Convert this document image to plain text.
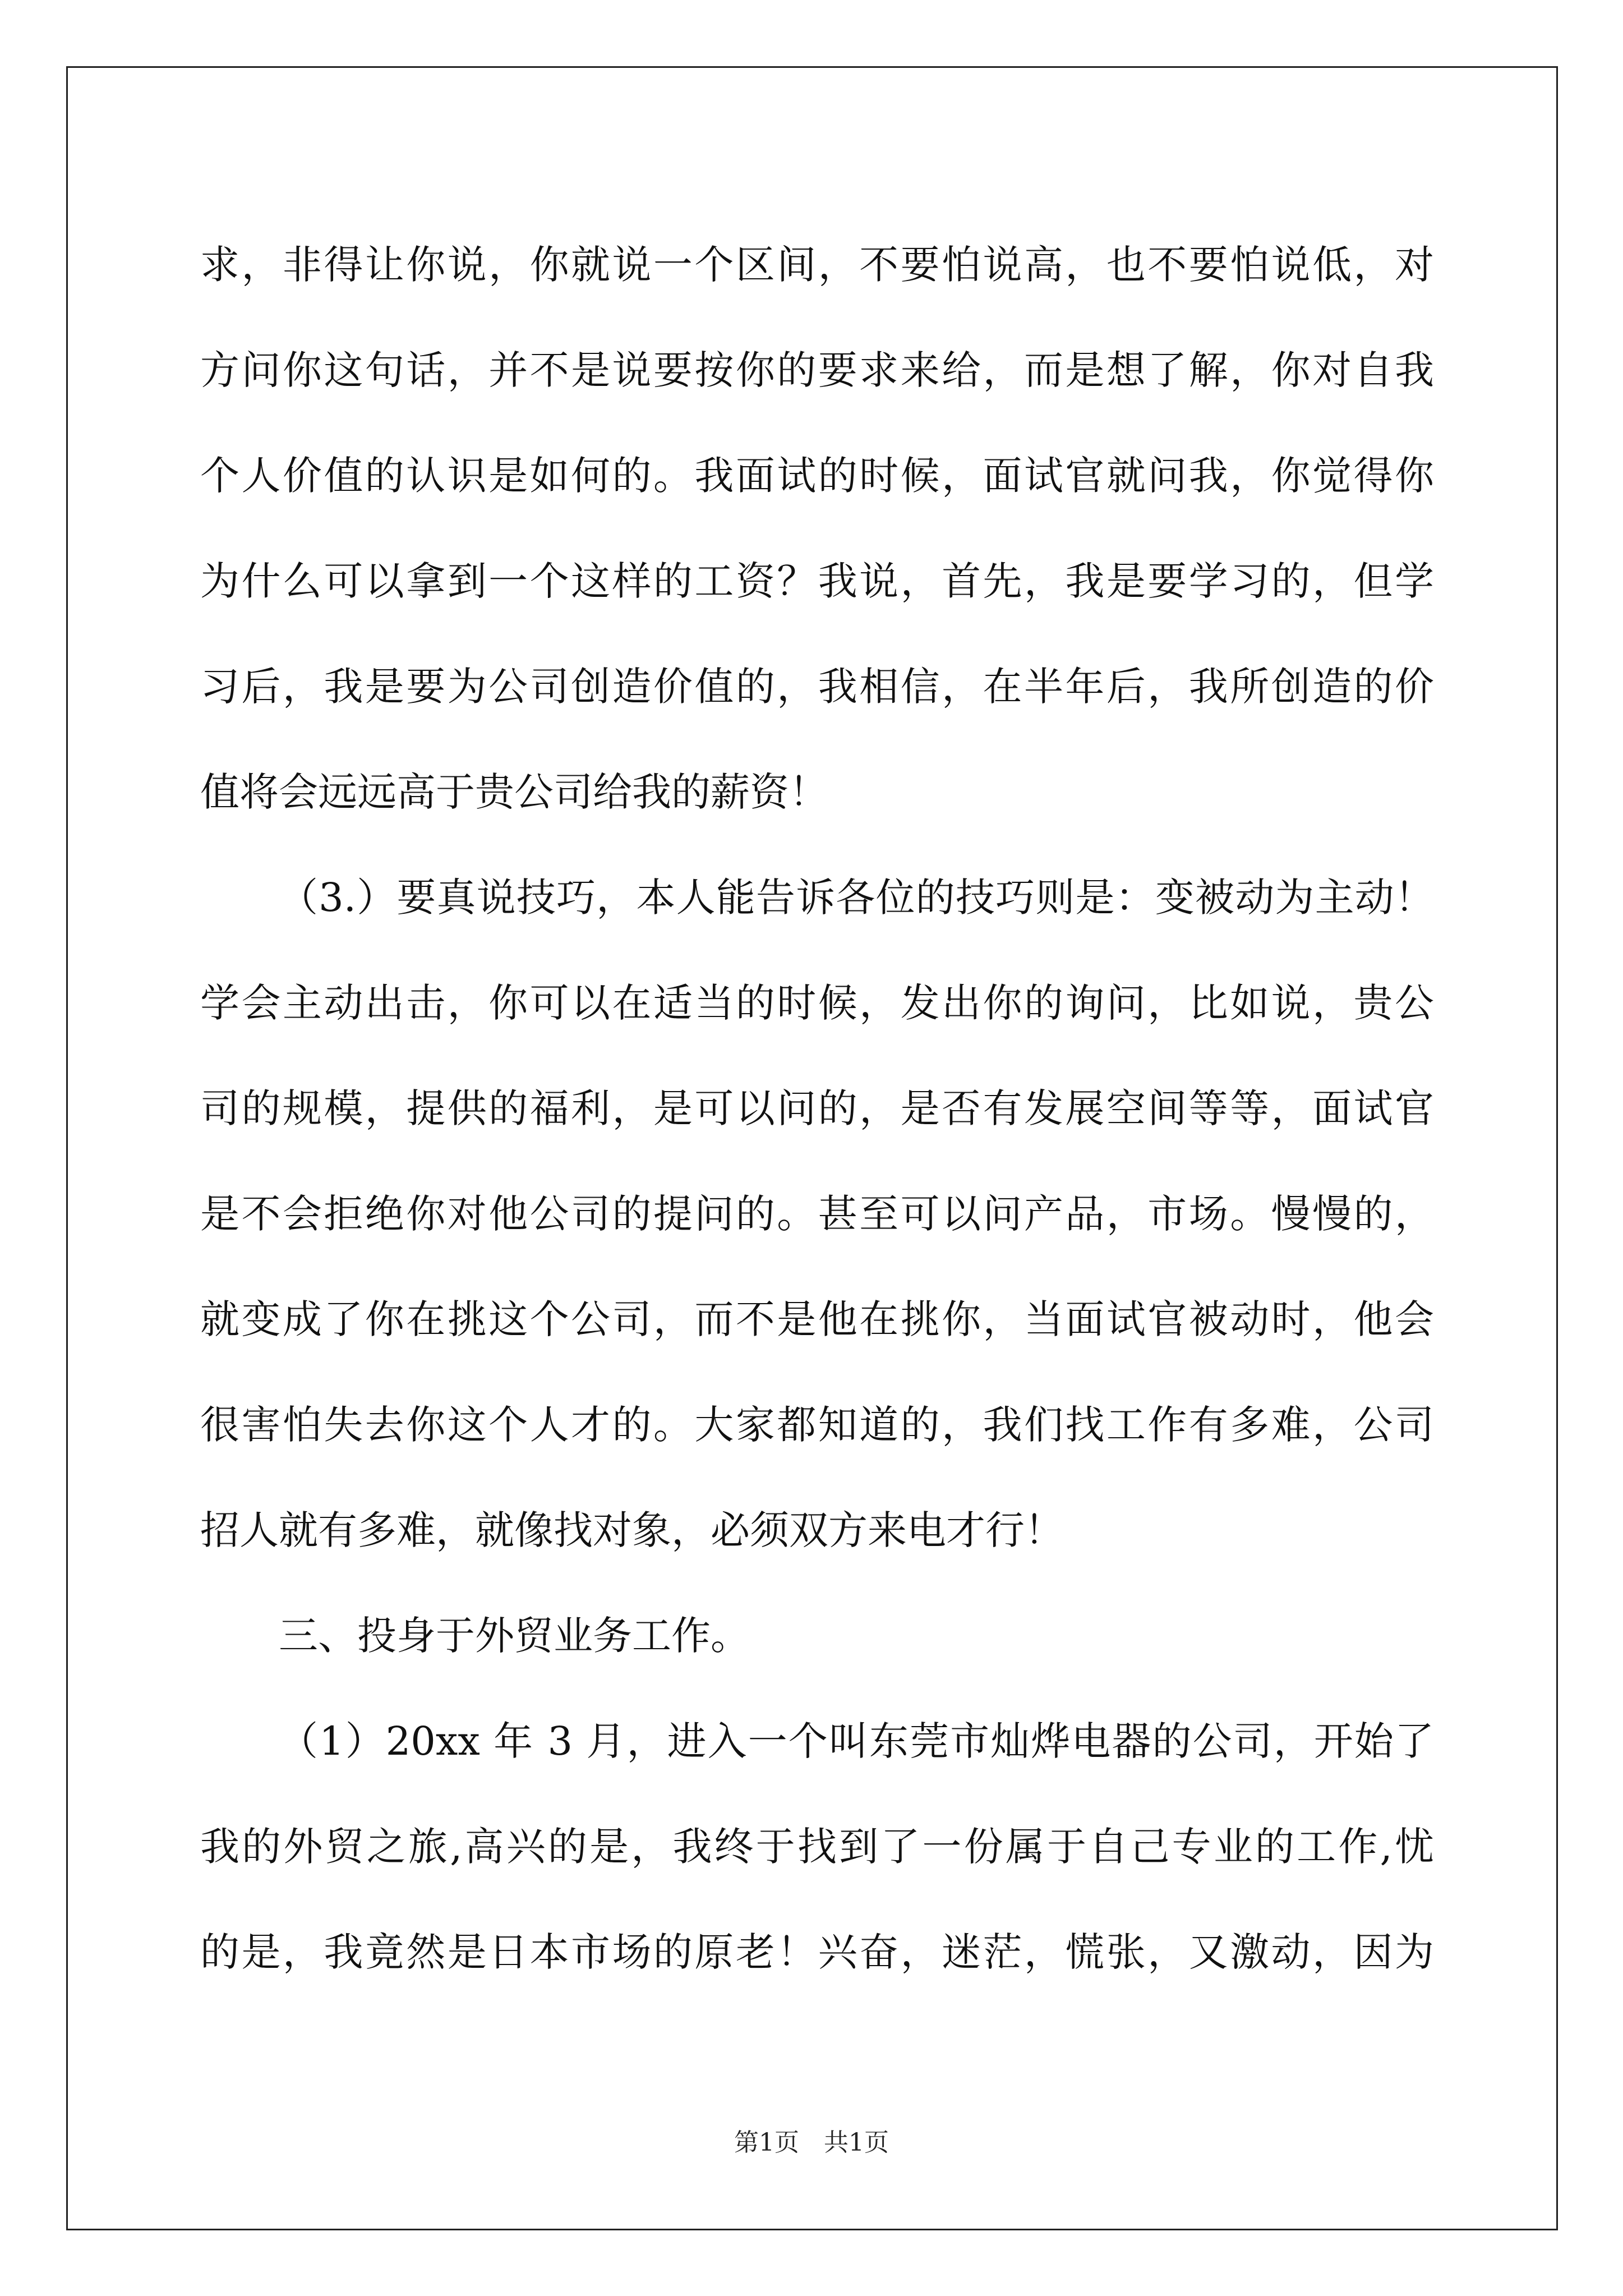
求，非得让你说，你就说一个区间，不要怕说高，也不要怕说低，对
方问你这句话，并不是说要按你的要求来给，而是想了解，你对自我
个人价值的认识是如何的。我面试的时候，面试官就问我，你觉得你
为什么可以拿到一个这样的工资？我说，首先，我是要学习的，但学
习后，我是要为公司创造价值的，我相信，在半年后，我所创造的价
值将会远远高于贵公司给我的薪资！
（3.）要真说技巧，本人能告诉各位的技巧则是：变被动为主动！
学会主动出击，你可以在适当的时候，发出你的询问，比如说，贵公
司的规模，提供的福利，是可以问的，是否有发展空间等等，面试官
是不会拒绝你对他公司的提问的。甚至可以问产品，市场。慢慢的，
就变成了你在挑这个公司，而不是他在挑你，当面试官被动时，他会
很害怕失去你这个人才的。大家都知道的，我们找工作有多难，公司
招人就有多难，就像找对象，必须双方来电才行！
三、投身于外贸业务工作。
（1）20xx 年 3 月，进入一个叫东莞市灿烨电器的公司，开始了
我的外贸之旅,高兴的是，我终于找到了一份属于自己专业的工作,忧
的是，我竟然是日本市场的原老！兴奋，迷茫，慌张，又激动，因为
第1页 共1页
